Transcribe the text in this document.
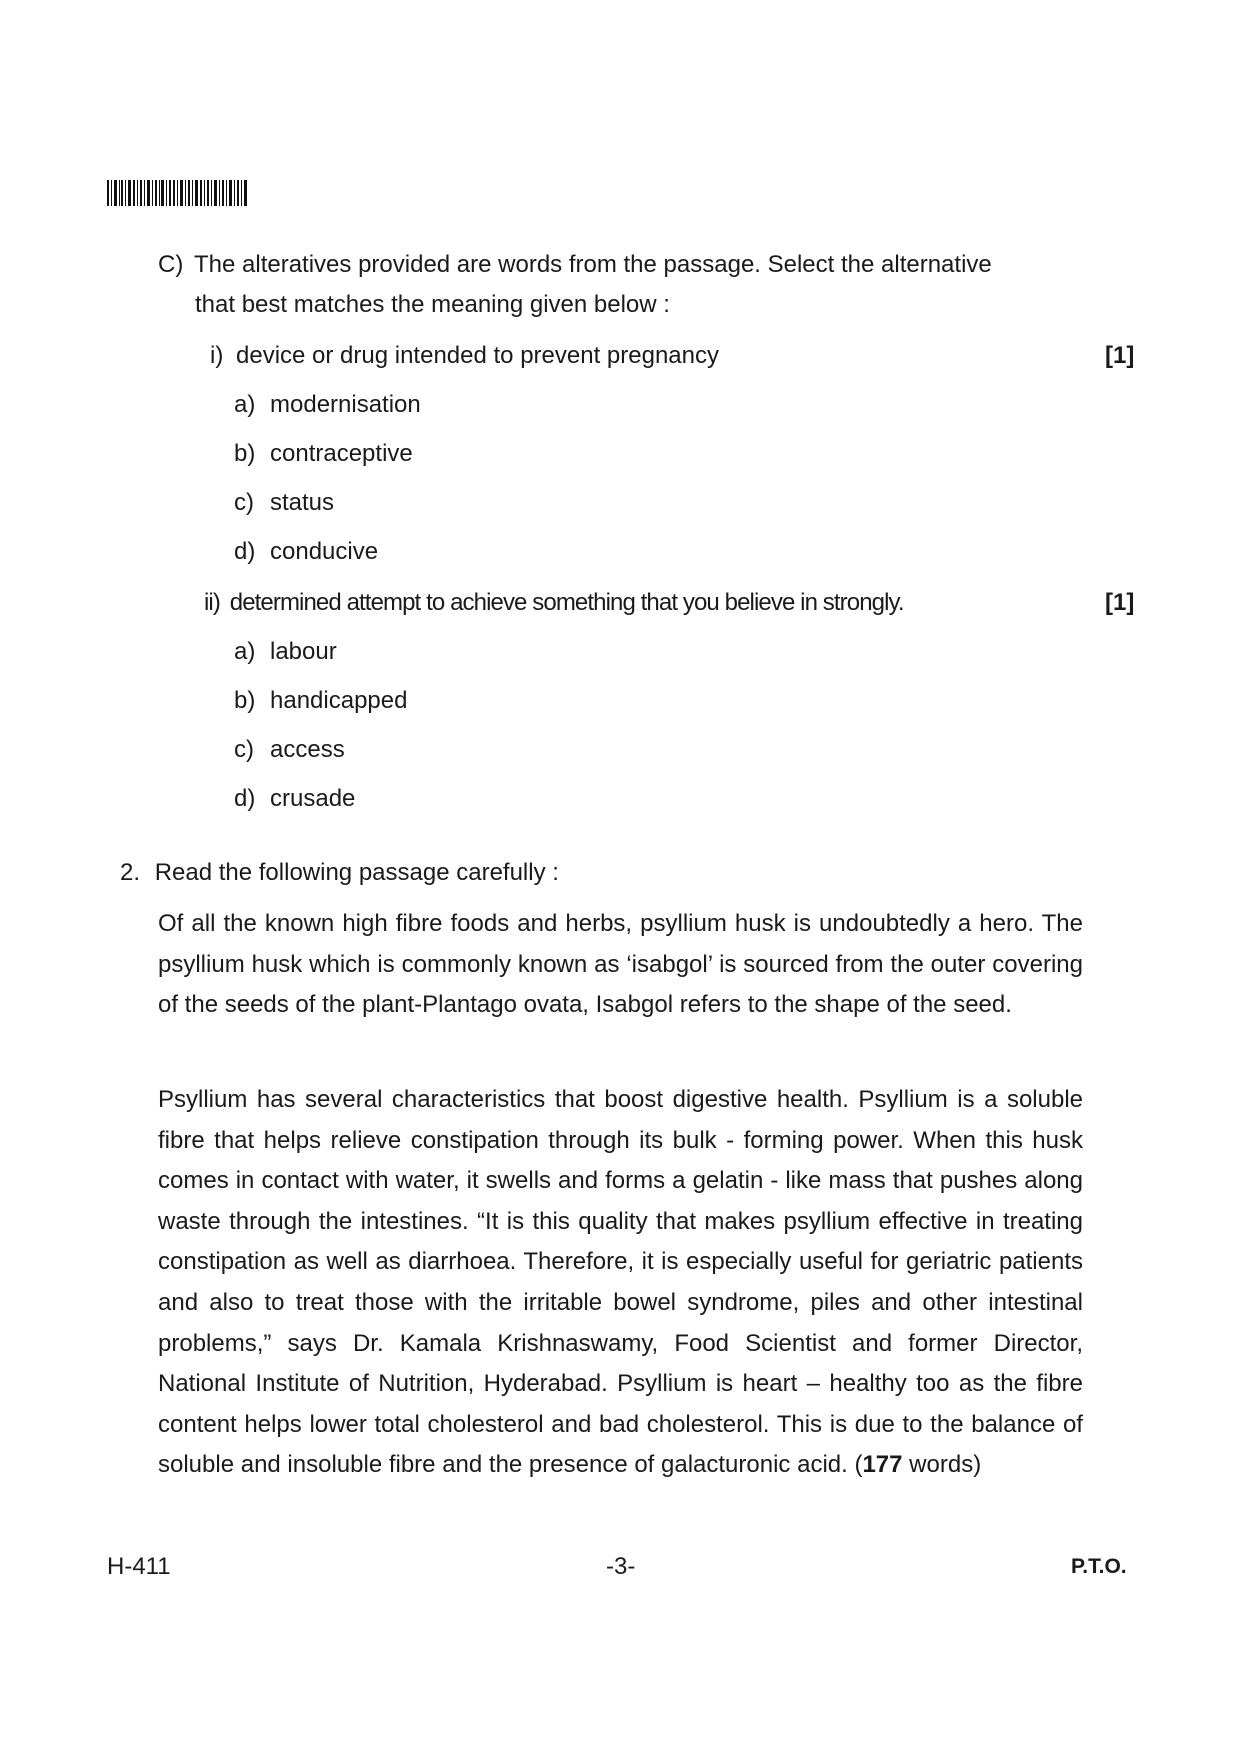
C) The alteratives provided are words from the passage. Select the alternative
that best matches the meaning given below :
i) device or drug intended to prevent pregnancy	[1]
a) modernisation
b) contraceptive
c) status
d) conducive
ii) determined attempt to achieve something that you believe in strongly.	[1]
a) labour
b) handicapped
c) access
d) crusade
2. Read the following passage carefully :

Of all the known high fibre foods and herbs, psyllium husk is undoubtedly a hero. The psyllium husk which is commonly known as ‘isabgol’ is sourced from the outer covering of the seeds of the plant-Plantago ovata, Isabgol refers to the shape of the seed.

Psyllium has several characteristics that boost digestive health. Psyllium is a soluble fibre that helps relieve constipation through its bulk - forming power. When this husk comes in contact with water, it swells and forms a gelatin - like mass that pushes along waste through the intestines. “It is this quality that makes psyllium effective in treating constipation as well as diarrhoea. Therefore, it is especially useful for geriatric patients and also to treat those with the irritable bowel syndrome, piles and other intestinal problems,” says Dr. Kamala Krishnaswamy, Food Scientist and former Director, National Institute of Nutrition, Hyderabad. Psyllium is heart – healthy too as the fibre content helps lower total cholesterol and bad cholesterol. This is due to the balance of soluble and insoluble fibre and the presence of galacturonic acid. (177 words)

H-411	-3-	P.T.O.
